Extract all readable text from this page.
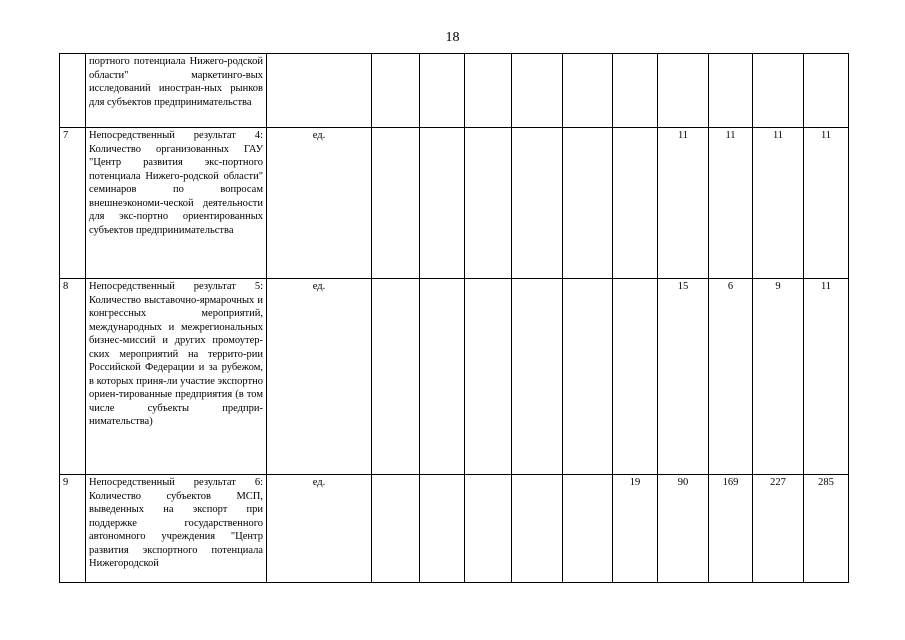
18
	портного потенциала Нижего-родской области" маркетинго-вых исследований иностран-ных рынков для субъектов предпринимательства											
7	Непосредственный результат 4: Количество организованных ГАУ "Центр развития экс-портного потенциала Нижего-родской области" семинаров по вопросам внешнеэкономи-ческой деятельности для экс-портно ориентированных субъектов предпринимательства	ед.							11	11	11	11
8	Непосредственный результат 5: Количество выставочно-ярмарочных и конгрессных мероприятий, международных и межрегиональных бизнес-миссий и других промоутер-ских мероприятий на террито-рии Российской Федерации и за рубежом, в которых приня-ли участие экспортно ориен-тированные предприятия (в том числе субъекты предпри-нимательства)	ед.							15	6	9	11
9	Непосредственный результат 6: Количество субъектов МСП, выведенных на экспорт при поддержке государственного автономного учреждения "Центр развития экспортного потенциала Нижегородской	ед.						19	90	169	227	285
